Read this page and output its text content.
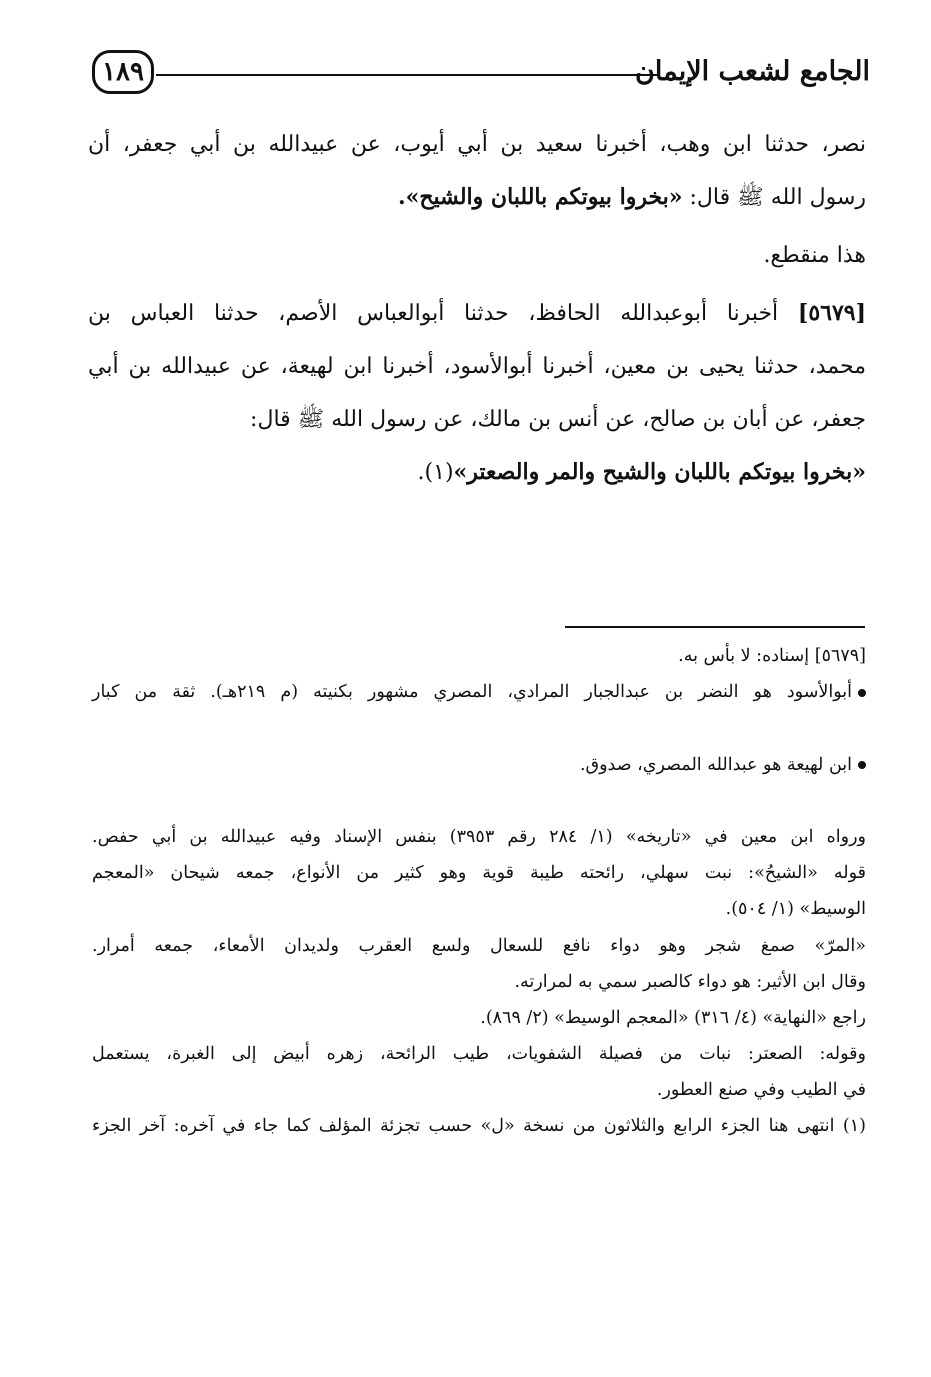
الجامع لشعب الإيمان
١٨٩
نصر، حدثنا ابن وهب، أخبرنا سعيد بن أبي أيوب، عن عبيدالله بن أبي جعفر، أن
رسول الله ﷺ قال: «بخروا بيوتكم باللبان والشيح».
هذا منقطع.
[٥٦٧٩] أخبرنا أبوعبدالله الحافظ، حدثنا أبوالعباس الأصم، حدثنا العباس بن
محمد، حدثنا يحيى بن معين، أخبرنا أبوالأسود، أخبرنا ابن لهيعة، عن عبيدالله بن أبي
جعفر، عن أبان بن صالح، عن أنس بن مالك، عن رسول الله ﷺ قال:
«بخروا بيوتكم باللبان والشيح والمر والصعتر»(١).
[٥٦٧٩] إسناده: لا بأس به.
أبوالأسود هو النضر بن عبدالجبار المرادي، المصري مشهور بكنيته (م ٢١٩هـ). ثقة من كبار
ابن لهيعة هو عبدالله المصري، صدوق.
ورواه ابن معين في «تاريخه» (١/ ٢٨٤ رقم ٣٩٥٣) بنفس الإسناد وفيه عبيدالله بن أبي حفص.
قوله «الشيحُ»: نبت سهلي، رائحته طيبة قوية وهو كثير من الأنواع، جمعه شيحان «المعجم
الوسيط» (١/ ٥٠٤).
«المرّ» صمغ شجر وهو دواء نافع للسعال ولسع العقرب ولديدان الأمعاء، جمعه أمرار.
وقال ابن الأثير: هو دواء كالصبر سمي به لمرارته.
راجع «النهاية» (٤/ ٣١٦) «المعجم الوسيط» (٢/ ٨٦٩).
وقوله: الصعتر: نبات من فصيلة الشفويات، طيب الرائحة، زهره أبيض إلى الغبرة، يستعمل
في الطيب وفي صنع العطور.
(١) انتهى هنا الجزء الرابع والثلاثون من نسخة «ل» حسب تجزئة المؤلف كما جاء في آخره: آخر الجزء
